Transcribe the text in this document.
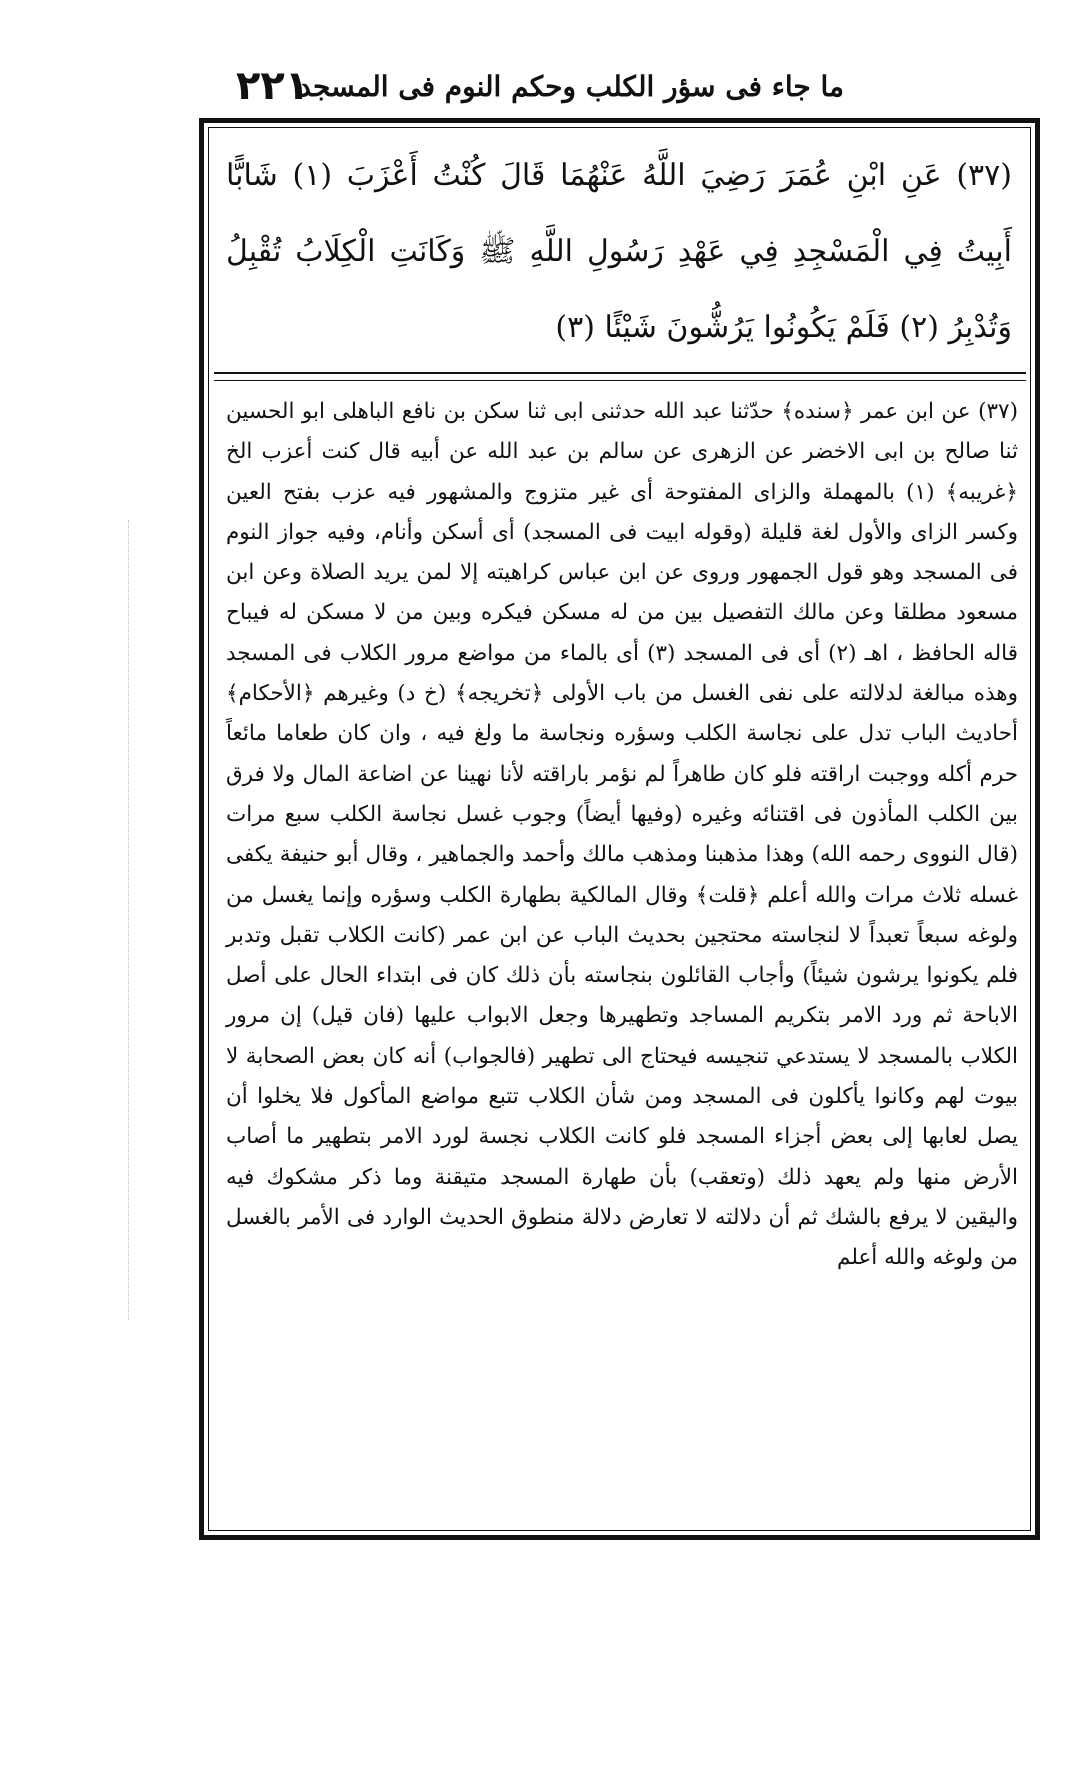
٢٢١
ما جاء فى سؤر الكلب وحكم النوم فى المسجد
(٣٧) عَنِ ابْنِ عُمَرَ رَضِيَ اللَّهُ عَنْهُمَا قَالَ كُنْتُ أَعْزَبَ (١) شَابًّا أَبِيتُ فِي الْمَسْجِدِ فِي عَهْدِ رَسُولِ اللَّهِ ﷺ وَكَانَتِ الْكِلَابُ تُقْبِلُ وَتُدْبِرُ (٢) فَلَمْ يَكُونُوا يَرُشُّونَ شَيْئًا (٣)

(٣٧) عن ابن عمر ﴿سنده﴾ حدّثنا عبد الله حدثنى ابى ثنا سكن بن نافع الباهلى ابو الحسين ثنا صالح بن ابى الاخضر عن الزهرى عن سالم بن عبد الله عن أبيه قال كنت أعزب الخ ﴿غريبه﴾ (١) بالمهملة والزاى المفتوحة أى غير متزوج والمشهور فيه عزب بفتح العين وكسر الزاى والأول لغة قليلة (وقوله ابيت فى المسجد) أى أسكن وأنام، وفيه جواز النوم فى المسجد وهو قول الجمهور وروى عن ابن عباس كراهيته إلا لمن يريد الصلاة وعن ابن مسعود مطلقا وعن مالك التفصيل بين من له مسكن فيكره وبين من لا مسكن له فيباح قاله الحافظ ، اهـ (٢) أى فى المسجد (٣) أى بالماء من مواضع مرور الكلاب فى المسجد وهذه مبالغة لدلالته على نفى الغسل من باب الأولى ﴿تخريجه﴾ (خ د) وغيرهم ﴿الأحكام﴾ أحاديث الباب تدل على نجاسة الكلب وسؤره ونجاسة ما ولغ فيه ، وان كان طعاما مائعاً حرم أكله ووجبت اراقته فلو كان طاهراً لم نؤمر باراقته لأنا نهينا عن اضاعة المال ولا فرق بين الكلب المأذون فى اقتنائه وغيره (وفيها أيضاً) وجوب غسل نجاسة الكلب سبع مرات (قال النووى رحمه الله) وهذا مذهبنا ومذهب مالك وأحمد والجماهير ، وقال أبو حنيفة يكفى غسله ثلاث مرات والله أعلم ﴿قلت﴾ وقال المالكية بطهارة الكلب وسؤره وإنما يغسل من ولوغه سبعاً تعبداً لا لنجاسته محتجين بحديث الباب عن ابن عمر (كانت الكلاب تقبل وتدبر فلم يكونوا يرشون شيئاً) وأجاب القائلون بنجاسته بأن ذلك كان فى ابتداء الحال على أصل الاباحة ثم ورد الامر بتكريم المساجد وتطهيرها وجعل الابواب عليها (فان قيل) إن مرور الكلاب بالمسجد لا يستدعي تنجيسه فيحتاج الى تطهير (فالجواب) أنه كان بعض الصحابة لا بيوت لهم وكانوا يأكلون فى المسجد ومن شأن الكلاب تتبع مواضع المأكول فلا يخلوا أن يصل لعابها إلى بعض أجزاء المسجد فلو كانت الكلاب نجسة لورد الامر بتطهير ما أصاب الأرض منها ولم يعهد ذلك (وتعقب) بأن طهارة المسجد متيقنة وما ذكر مشكوك فيه واليقين لا يرفع بالشك ثم أن دلالته لا تعارض دلالة منطوق الحديث الوارد فى الأمر بالغسل من ولوغه والله أعلم
